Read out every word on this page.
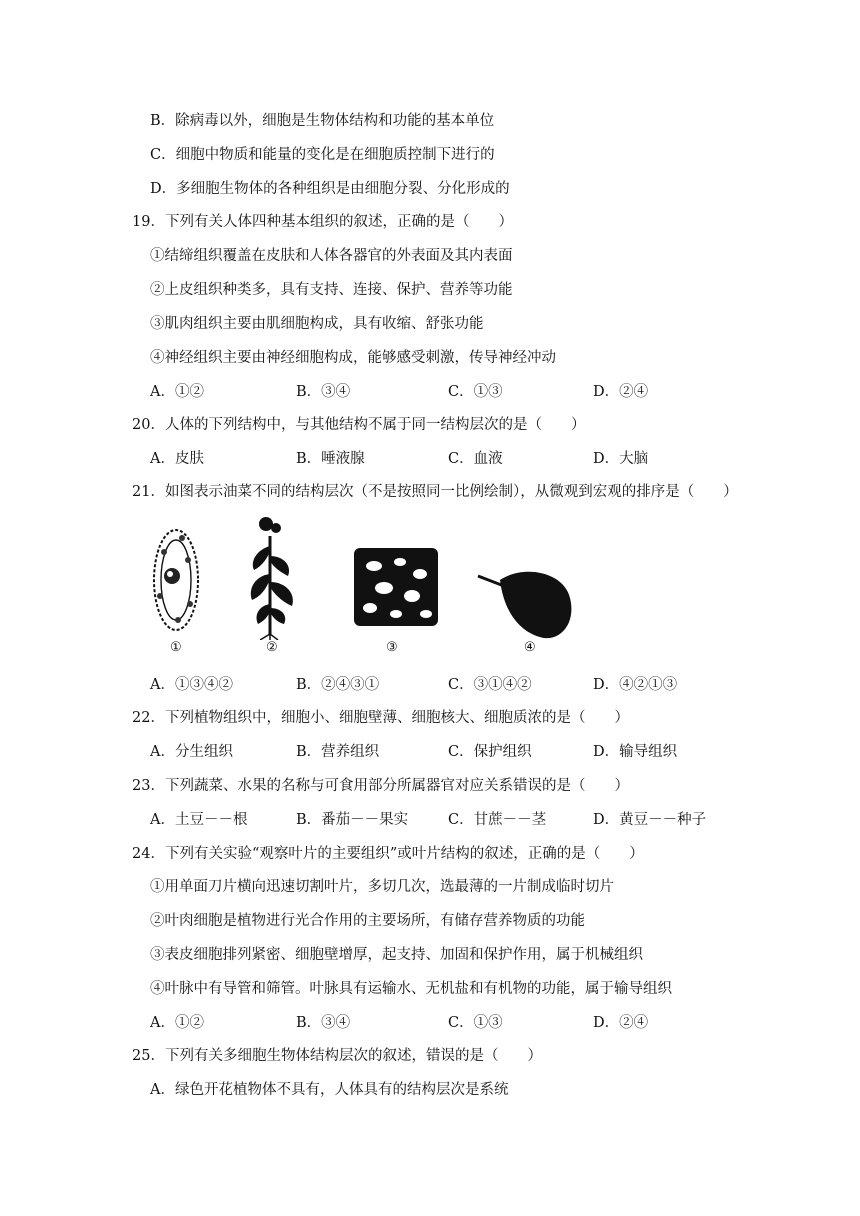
B．除病毒以外，细胞是生物体结构和功能的基本单位
C．细胞中物质和能量的变化是在细胞质控制下进行的
D．多细胞生物体的各种组织是由细胞分裂、分化形成的
19．下列有关人体四种基本组织的叙述，正确的是（　　）
①结缔组织覆盖在皮肤和人体各器官的外表面及其内表面
②上皮组织种类多，具有支持、连接、保护、营养等功能
③肌肉组织主要由肌细胞构成，具有收缩、舒张功能
④神经组织主要由神经细胞构成，能够感受刺激，传导神经冲动
A．①②	B．③④	C．①③	D．②④
20．人体的下列结构中，与其他结构不属于同一结构层次的是（　　）
A．皮肤	B．唾液腺	C．血液	D．大脑
21．如图表示油菜不同的结构层次（不是按照同一比例绘制），从微观到宏观的排序是（　　）
①	②	③	④
A．①③④②	B．②④③①	C．③①④②	D．④②①③
22．下列植物组织中，细胞小、细胞壁薄、细胞核大、细胞质浓的是（　　）
A．分生组织	B．营养组织	C．保护组织	D．输导组织
23．下列蔬菜、水果的名称与可食用部分所属器官对应关系错误的是（　　）
A．土豆－－根	B．番茄－－果实	C．甘蔗－－茎	D．黄豆－－种子
24．下列有关实验“观察叶片的主要组织”或叶片结构的叙述，正确的是（　　）
①用单面刀片横向迅速切割叶片，多切几次，选最薄的一片制成临时切片
②叶肉细胞是植物进行光合作用的主要场所，有储存营养物质的功能
③表皮细胞排列紧密、细胞壁增厚，起支持、加固和保护作用，属于机械组织
④叶脉中有导管和筛管。叶脉具有运输水、无机盐和有机物的功能，属于输导组织
A．①②	B．③④	C．①③	D．②④
25．下列有关多细胞生物体结构层次的叙述，错误的是（　　）
A．绿色开花植物体不具有，人体具有的结构层次是系统
